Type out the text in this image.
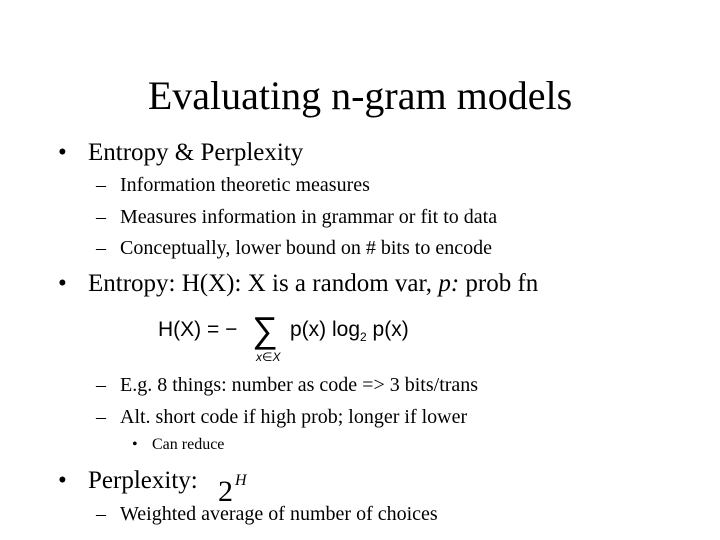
Evaluating n-gram models
• Entropy & Perplexity
– Information theoretic measures
– Measures information in grammar or fit to data
– Conceptually, lower bound on # bits to encode
• Entropy: H(X): X is a random var, p: prob fn
H(X) = − ∑
x∈X
p(x) $\log_2 p(x)$
– E.g. 8 things: number as code => 3 bits/trans
– Alt. short code if high prob; longer if lower
• Can reduce
• Perplexity: 2 $^H$
– Weighted average of number of choices
